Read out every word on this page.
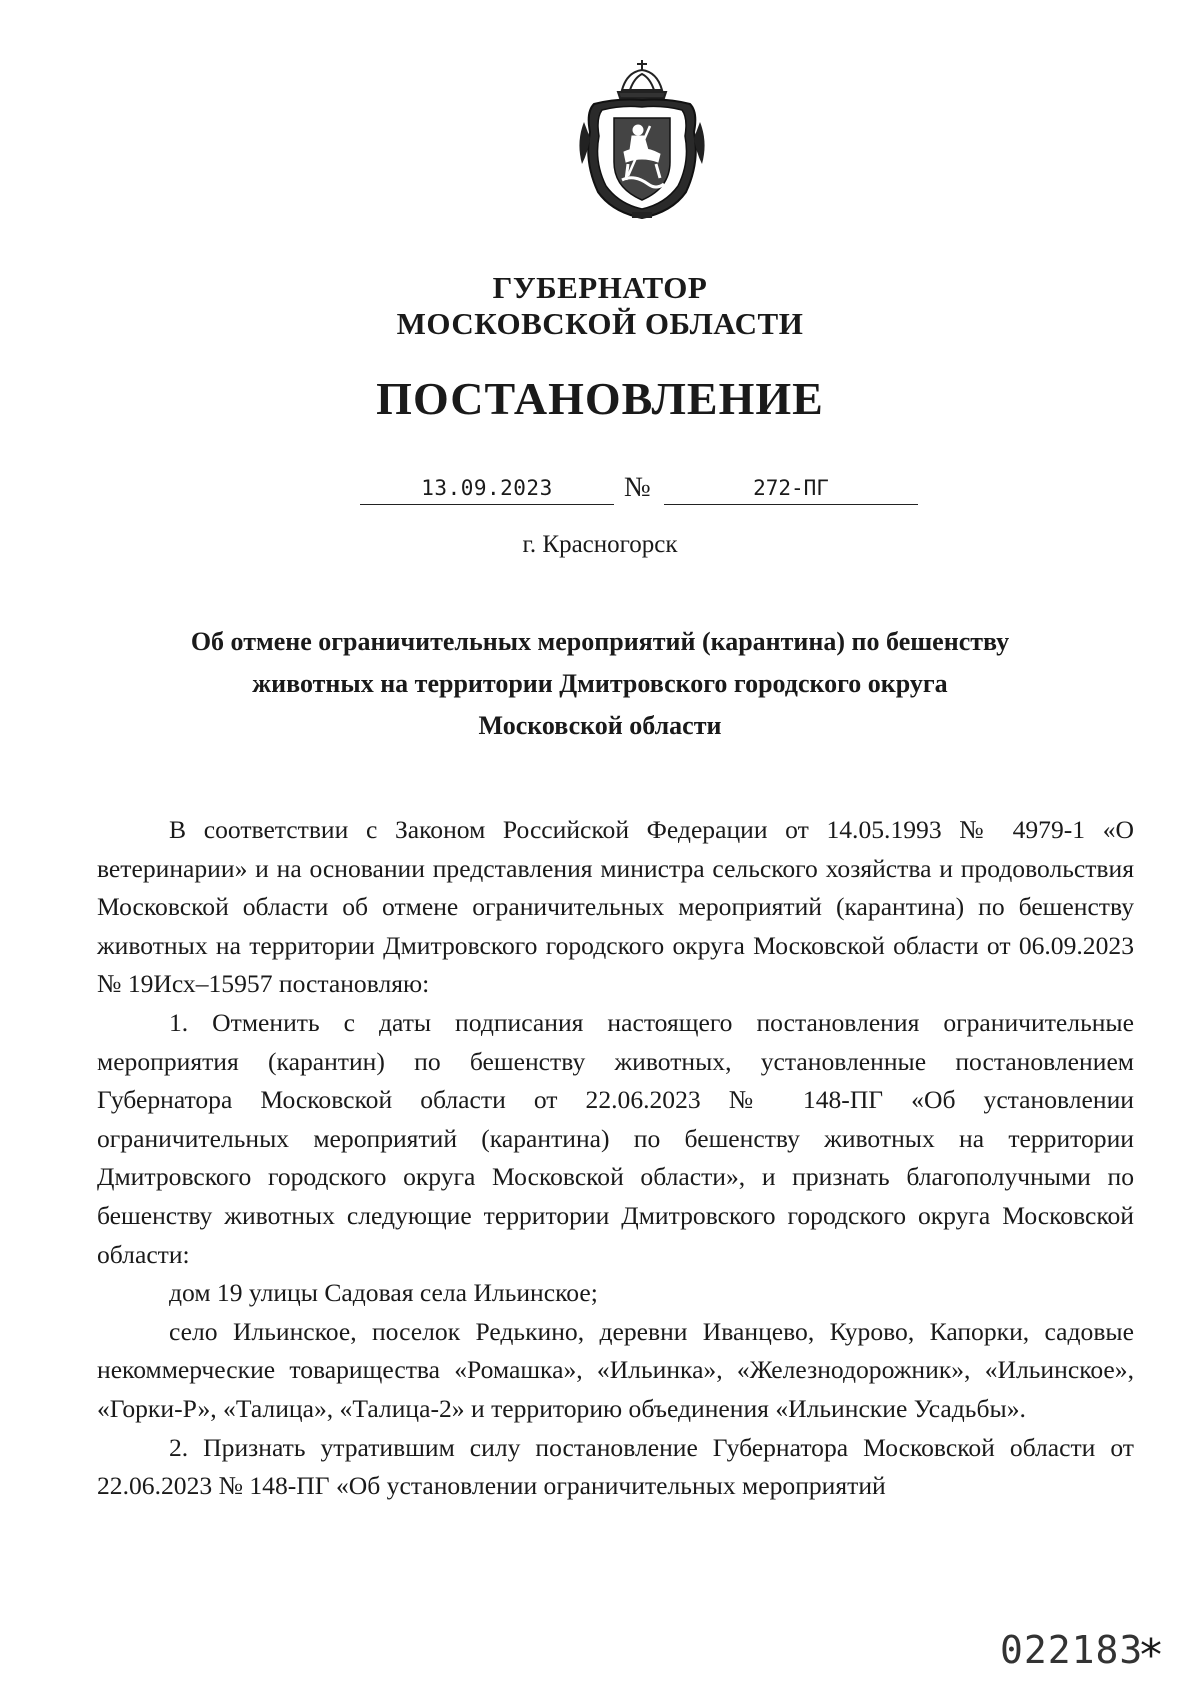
ГУБЕРНАТОР
МОСКОВСКОЙ ОБЛАСТИ
ПОСТАНОВЛЕНИЕ
13.09.2023	№	272-ПГ
г. Красногорск
Об отмене ограничительных мероприятий (карантина) по бешенству
животных на территории Дмитровского городского округа
Московской области

В соответствии с Законом Российской Федерации от 14.05.1993 № 4979-1 «О ветеринарии» и на основании представления министра сельского хозяйства и продовольствия Московской области об отмене ограничительных мероприятий (карантина) по бешенству животных на территории Дмитровского городского округа Московской области от 06.09.2023 № 19Исх–15957 постановляю:

1. Отменить с даты подписания настоящего постановления ограничительные мероприятия (карантин) по бешенству животных, установленные постановлением Губернатора Московской области от 22.06.2023 № 148-ПГ «Об установлении ограничительных мероприятий (карантина) по бешенству животных на территории Дмитровского городского округа Московской области», и признать благополучными по бешенству животных следующие территории Дмитровского городского округа Московской области:

дом 19 улицы Садовая села Ильинское;

село Ильинское, поселок Редькино, деревни Иванцево, Курово, Капорки, садовые некоммерческие товарищества «Ромашка», «Ильинка», «Железнодорожник», «Ильинское», «Горки-Р», «Талица», «Талица-2» и территорию объединения «Ильинские Усадьбы».

2. Признать утратившим силу постановление Губернатора Московской области от 22.06.2023 № 148-ПГ «Об установлении ограничительных мероприятий

022183
*
